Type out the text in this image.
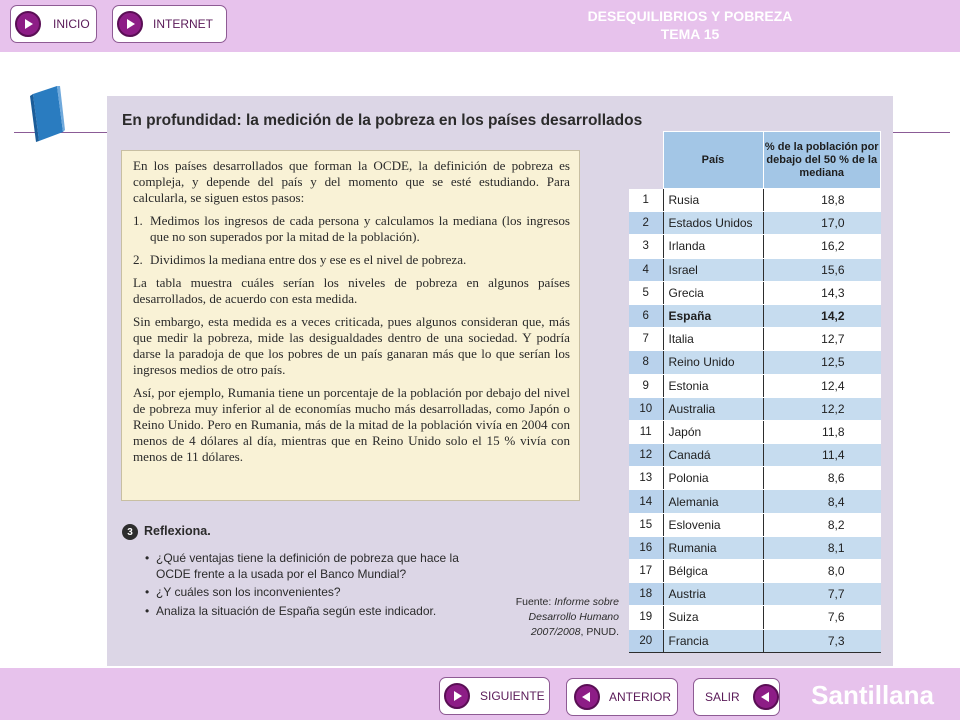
INICIO	INTERNET	DESEQUILIBRIOS Y POBREZA
TEMA 15
En profundidad: la medición de la pobreza en los países desarrollados

En los países desarrollados que forman la OCDE, la definición de pobreza es compleja, y depende del país y del momento que se esté estudiando. Para calcularla, se siguen estos pasos:

1. Medimos los ingresos de cada persona y calculamos la mediana (los ingresos que no son superados por la mitad de la población).
2. Dividimos la mediana entre dos y ese es el nivel de pobreza.

La tabla muestra cuáles serían los niveles de pobreza en algunos países desarrollados, de acuerdo con esta medida.

Sin embargo, esta medida es a veces criticada, pues algunos consideran que, más que medir la pobreza, mide las desigualdades dentro de una sociedad. Y podría darse la paradoja de que los pobres de un país ganaran más que lo que serían los ingresos medios de otro país.

Así, por ejemplo, Rumania tiene un porcentaje de la población por debajo del nivel de pobreza muy inferior al de economías mucho más desarrolladas, como Japón o Reino Unido. Pero en Rumania, más de la mitad de la población vivía en 2004 con menos de 4 dólares al día, mientras que en Reino Unido solo el 15 % vivía con menos de 11 dólares.

3 Reflexiona.
• ¿Qué ventajas tiene la definición de pobreza que hace la OCDE frente a la usada por el Banco Mundial?
• ¿Y cuáles son los inconvenientes?
• Analiza la situación de España según este indicador.
Fuente: Informe sobre Desarrollo Humano 2007/2008, PNUD.
	País	% de la población por debajo del 50 % de la mediana
1	Rusia	18,8
2	Estados Unidos	17,0
3	Irlanda	16,2
4	Israel	15,6
5	Grecia	14,3
6	España	14,2
7	Italia	12,7
8	Reino Unido	12,5
9	Estonia	12,4
10	Australia	12,2
11	Japón	11,8
12	Canadá	11,4
13	Polonia	8,6
14	Alemania	8,4
15	Eslovenia	8,2
16	Rumania	8,1
17	Bélgica	8,0
18	Austria	7,7
19	Suiza	7,6
20	Francia	7,3
SIGUIENTE	ANTERIOR	SALIR	Santillana
